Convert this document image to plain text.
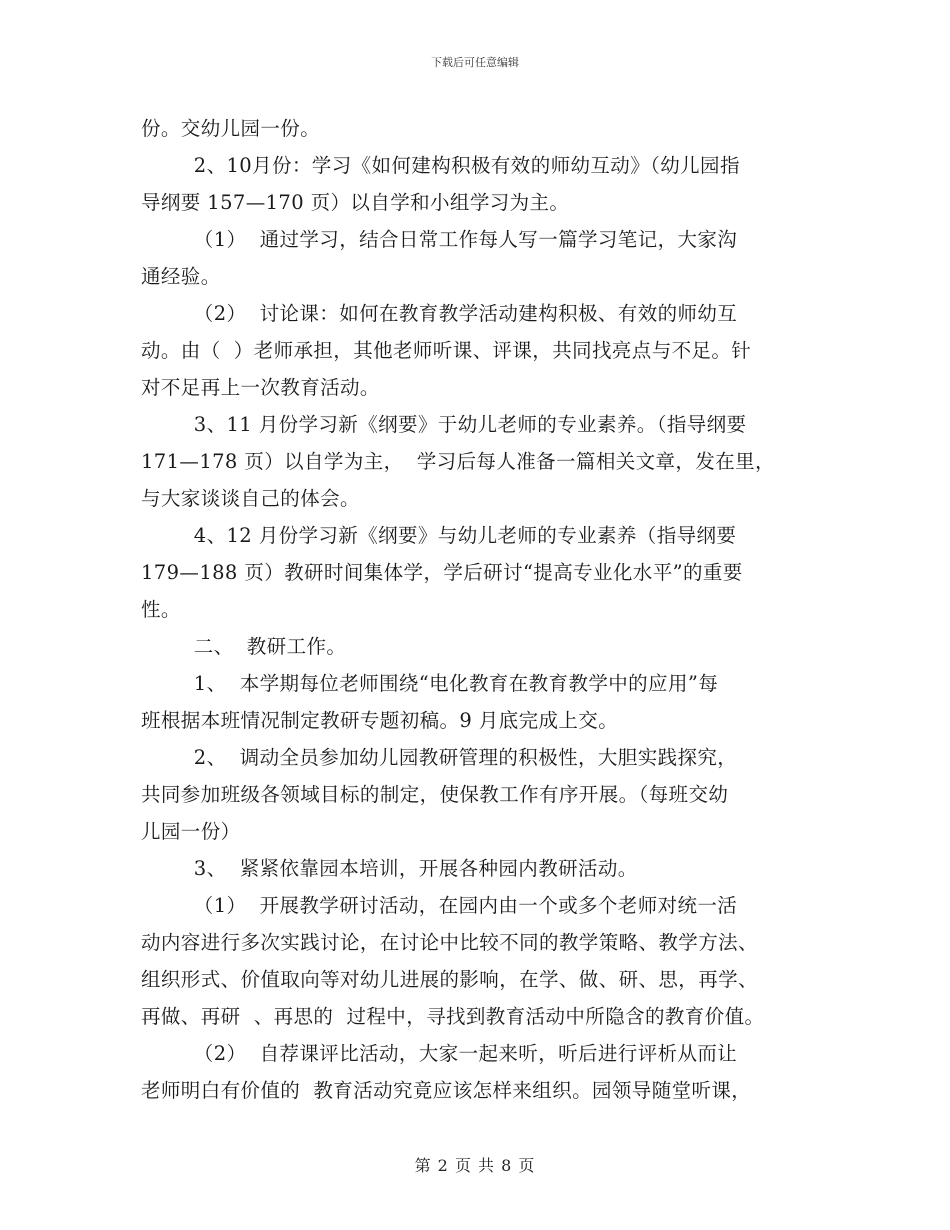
下载后可任意编辑

份。交幼儿园一份。

2、10月份：学习《如何建构积极有效的师幼互动》（幼儿园指

导纲要 157—170 页）以自学和小组学习为主。

（1）  通过学习，结合日常工作每人写一篇学习笔记，大家沟

通经验。

（2）  讨论课：如何在教育教学活动建构积极、有效的师幼互

动。由（  ）老师承担，其他老师听课、评课，共同找亮点与不足。针

对不足再上一次教育活动。

3、11 月份学习新《纲要》于幼儿老师的专业素养。（指导纲要

171—178 页）以自学为主，  学习后每人准备一篇相关文章，发在里，

与大家谈谈自己的体会。

4、12 月份学习新《纲要》与幼儿老师的专业素养（指导纲要

179—188 页）教研时间集体学，学后研讨“提高专业化水平”的重要

性。

二、  教研工作。

1、  本学期每位老师围绕“电化教育在教育教学中的应用”每

班根据本班情况制定教研专题初稿。9 月底完成上交。

2、  调动全员参加幼儿园教研管理的积极性，大胆实践探究，

共同参加班级各领域目标的制定，使保教工作有序开展。（每班交幼

儿园一份）

3、  紧紧依靠园本培训，开展各种园内教研活动。

（1）  开展教学研讨活动，在园内由一个或多个老师对统一活

动内容进行多次实践讨论，在讨论中比较不同的教学策略、教学方法、

组织形式、价值取向等对幼儿进展的影响，在学、做、研、思，再学、

再做、再研  、再思的  过程中，寻找到教育活动中所隐含的教育价值。

（2）  自荐课评比活动，大家一起来听，听后进行评析从而让

老师明白有价值的  教育活动究竟应该怎样来组织。园领导随堂听课，

第 2 页 共 8 页
